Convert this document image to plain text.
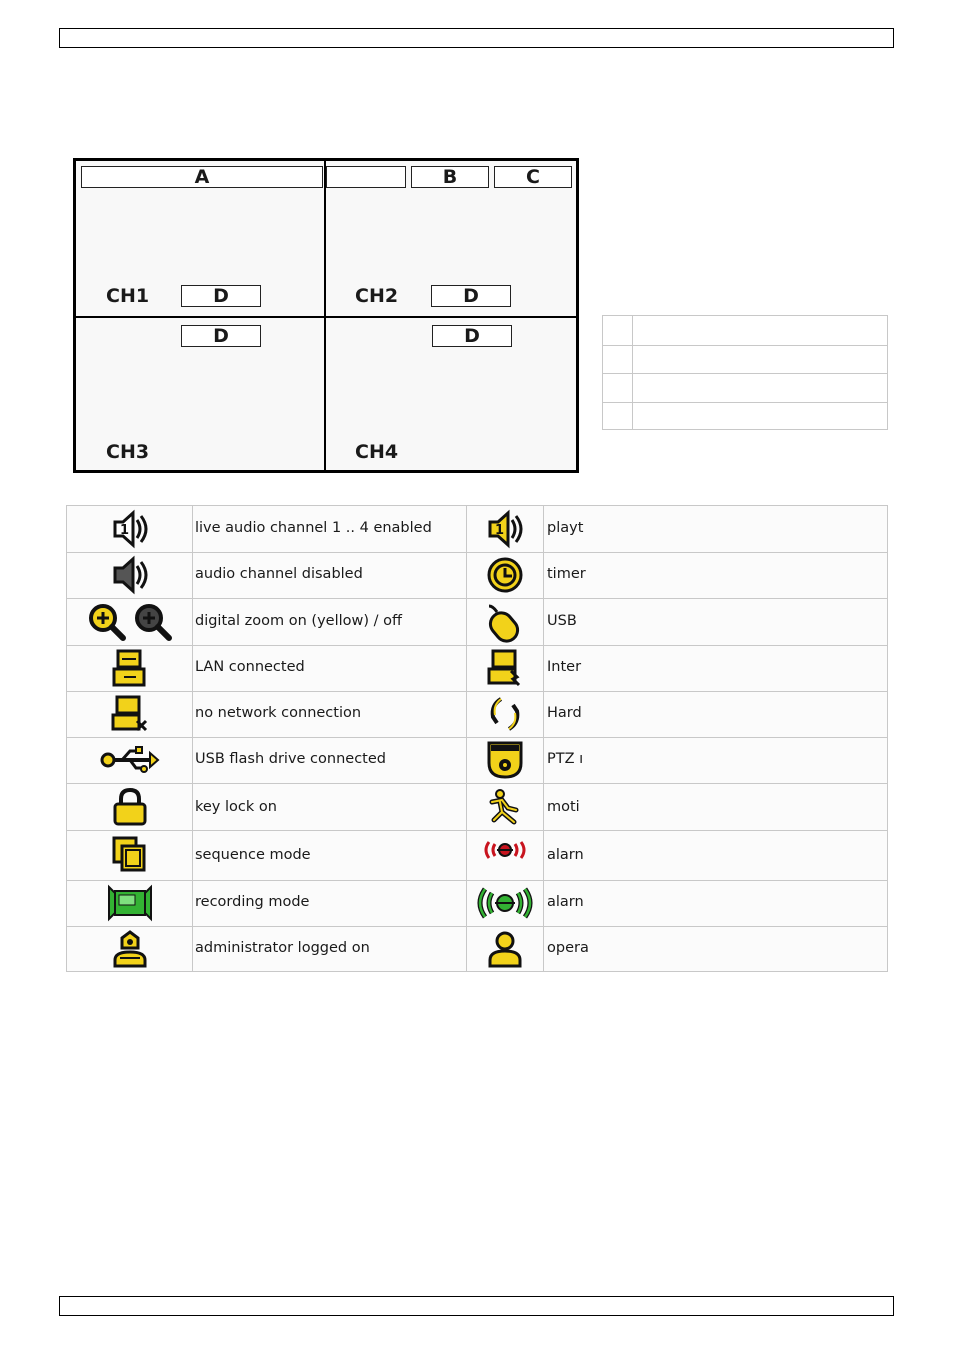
A	B	C
CH1	D	CH2	D
D	D
CH3	CH4
1	live audio channel 1 .. 4 enabled	1	playt
audio channel disabled	timer
digital zoom on (yellow) / off	USB
LAN connected	Inter
no network connection	Hard
USB flash drive connected	PTZ ı
key lock on	moti
sequence mode	alarn
recording mode	alarn
administrator logged on	opera
